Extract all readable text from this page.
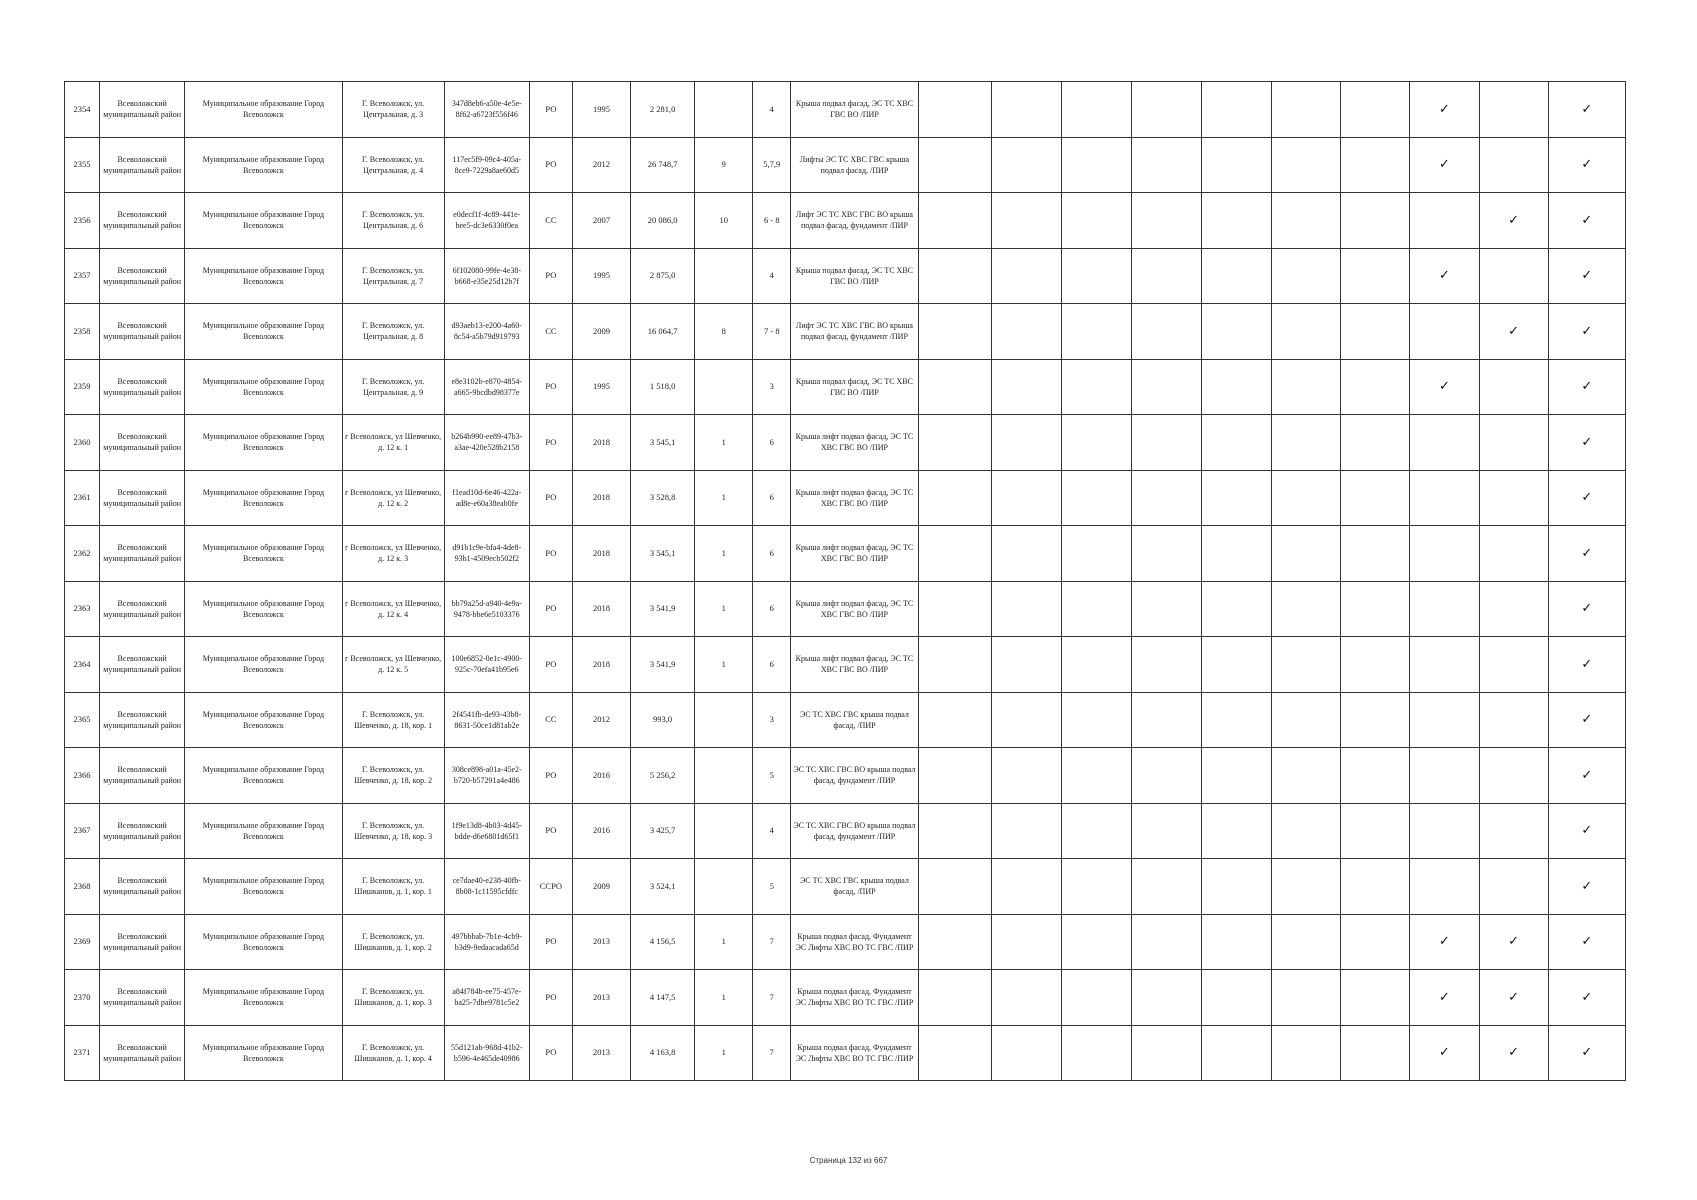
2354	Всеволожский муниципальный район	Муниципальное образование Город Всеволожск	Г. Всеволожск, ул. Центральная, д. 3	347d8eb6-a50e-4e5e-8f62-a6723f556f46	РО	1995	2 281,0		4	Крыша подвал фасад, ЭС ТС ХВС ГВС ВО /ПИР								✓		✓
2355	Всеволожский муниципальный район	Муниципальное образование Город Всеволожск	Г. Всеволожск, ул. Центральная, д. 4	117ec5f9-09c4-405a-8ce9-7229a8ae60d5	РО	2012	26 748,7	9	5,7,9	Лифты ЭС ТС ХВС ГВС крыша подвал фасад, /ПИР								✓		✓
2356	Всеволожский муниципальный район	Муниципальное образование Город Всеволожск	Г. Всеволожск, ул. Центральная, д. 6	e0decf1f-4c89-441e-bee5-dc3e6330f0ea	СС	2007	20 086,0	10	6 - 8	Лифт ЭС ТС ХВС ГВС ВО крыша подвал фасад, фундамент /ПИР									✓	✓
2357	Всеволожский муниципальный район	Муниципальное образование Город Всеволожск	Г. Всеволожск, ул. Центральная, д. 7	6f102080-99fe-4e38-b668-e35e25d12b7f	РО	1995	2 875,0		4	Крыша подвал фасад, ЭС ТС ХВС ГВС ВО /ПИР								✓		✓
2358	Всеволожский муниципальный район	Муниципальное образование Город Всеволожск	Г. Всеволожск, ул. Центральная, д. 8	d93aeb13-e200-4a60-8c54-a5b79d919793	СС	2009	16 064,7	8	7 - 8	Лифт ЭС ТС ХВС ГВС ВО крыша подвал фасад, фундамент /ПИР									✓	✓
2359	Всеволожский муниципальный район	Муниципальное образование Город Всеволожск	Г. Всеволожск, ул. Центральная, д. 9	e8e3102b-e870-4854-a665-9bcdbd98377e	РО	1995	1 518,0		3	Крыша подвал фасад, ЭС ТС ХВС ГВС ВО /ПИР								✓		✓
2360	Всеволожский муниципальный район	Муниципальное образование Город Всеволожск	г Всеволожск, ул Шевченко, д. 12 к. 1	b264b990-ee89-47b3-a3ae-420e528b2158	РО	2018	3 545,1	1	6	Крыша лифт подвал фасад, ЭС ТС ХВС ГВС ВО /ПИР										✓
2361	Всеволожский муниципальный район	Муниципальное образование Город Всеволожск	г Всеволожск, ул Шевченко, д. 12 к. 2	f1ead10d-6e46-422a-ad8e-e60a38eab0fe	РО	2018	3 528,8	1	6	Крыша лифт подвал фасад, ЭС ТС ХВС ГВС ВО /ПИР										✓
2362	Всеволожский муниципальный район	Муниципальное образование Город Всеволожск	г Всеволожск, ул Шевченко, д. 12 к. 3	d91b1c9e-bfa4-4de8-93b1-4509ecb502f2	РО	2018	3 545,1	1	6	Крыша лифт подвал фасад, ЭС ТС ХВС ГВС ВО /ПИР										✓
2363	Всеволожский муниципальный район	Муниципальное образование Город Всеволожск	г Всеволожск, ул Шевченко, д. 12 к. 4	bb79a25d-a940-4e9a-9478-bbe6e5103376	РО	2018	3 541,9	1	6	Крыша лифт подвал фасад, ЭС ТС ХВС ГВС ВО /ПИР										✓
2364	Всеволожский муниципальный район	Муниципальное образование Город Всеволожск	г Всеволожск, ул Шевченко, д. 12 к. 5	100e6852-0e1c-4900-925c-70efa41b95e6	РО	2018	3 541,9	1	6	Крыша лифт подвал фасад, ЭС ТС ХВС ГВС ВО /ПИР										✓
2365	Всеволожский муниципальный район	Муниципальное образование Город Всеволожск	Г. Всеволожск, ул. Шевченко, д. 18, кор. 1	2f4541fb-de93-43b8-8631-50ce1d81ab2e	СС	2012	993,0		3	ЭС ТС ХВС ГВС крыша подвал фасад, /ПИР										✓
2366	Всеволожский муниципальный район	Муниципальное образование Город Всеволожск	Г. Всеволожск, ул. Шевченко, д. 18, кор. 2	308ce898-a01a-45e2-b720-b57291a4e486	РО	2016	5 256,2		5	ЭС ТС ХВС ГВС ВО крыша подвал фасад, фундамент /ПИР										✓
2367	Всеволожский муниципальный район	Муниципальное образование Город Всеволожск	Г. Всеволожск, ул. Шевченко, д. 18, кор. 3	1f9e13d8-4b03-4d45-bdde-d6e6801d65f1	РО	2016	3 425,7		4	ЭС ТС ХВС ГВС ВО крыша подвал фасад, фундамент /ПИР										✓
2368	Всеволожский муниципальный район	Муниципальное образование Город Всеволожск	Г. Всеволожск, ул. Шишканов, д. 1, кор. 1	ce7dae40-e238-40fb-8b08-1c11595cfdfc	ССРО	2009	3 524,1		5	ЭС ТС ХВС ГВС крыша подвал фасад, /ПИР										✓
2369	Всеволожский муниципальный район	Муниципальное образование Город Всеволожск	Г. Всеволожск, ул. Шишканов, д. 1, кор. 2	497bbbab-7b1e-4cb9-b3d9-9edaacada65d	РО	2013	4 156,5	1	7	Крыша подвал фасад, Фундамент ЭС Лифты ХВС ВО ТС ГВС /ПИР								✓	✓	✓
2370	Всеволожский муниципальный район	Муниципальное образование Город Всеволожск	Г. Всеволожск, ул. Шишканов, д. 1, кор. 3	a84f784b-ee75-457e-ba25-7dbe9781c5e2	РО	2013	4 147,5	1	7	Крыша подвал фасад, Фундамент ЭС Лифты ХВС ВО ТС ГВС /ПИР								✓	✓	✓
2371	Всеволожский муниципальный район	Муниципальное образование Город Всеволожск	Г. Всеволожск, ул. Шишканов, д. 1, кор. 4	55d121ab-968d-41b2-b596-4e465de40986	РО	2013	4 163,8	1	7	Крыша подвал фасад, Фундамент ЭС Лифты ХВС ВО ТС ГВС /ПИР								✓	✓	✓
Страница 132 из 667
